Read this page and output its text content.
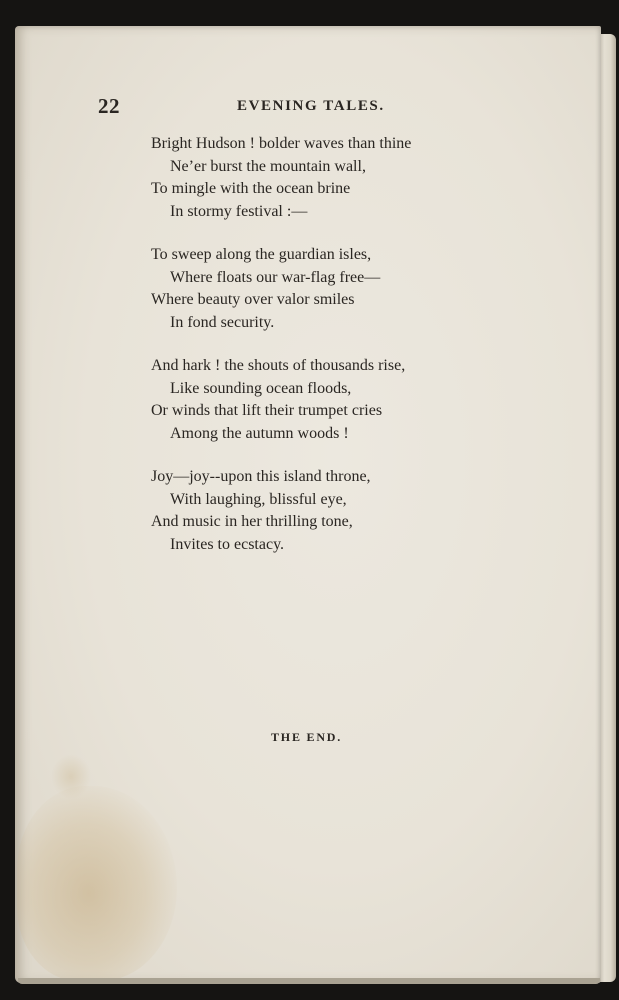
22	EVENING TALES.
Bright Hudson ! bolder waves than thine
Ne’er burst the mountain wall,
To mingle with the ocean brine
In stormy festival :—
To sweep along the guardian isles,
Where floats our war-flag free—
Where beauty over valor smiles
In fond security.
And hark ! the shouts of thousands rise,
Like sounding ocean floods,
Or winds that lift their trumpet cries
Among the autumn woods !
Joy—joy--upon this island throne,
With laughing, blissful eye,
And music in her thrilling tone,
Invites to ecstacy.
THE END.
